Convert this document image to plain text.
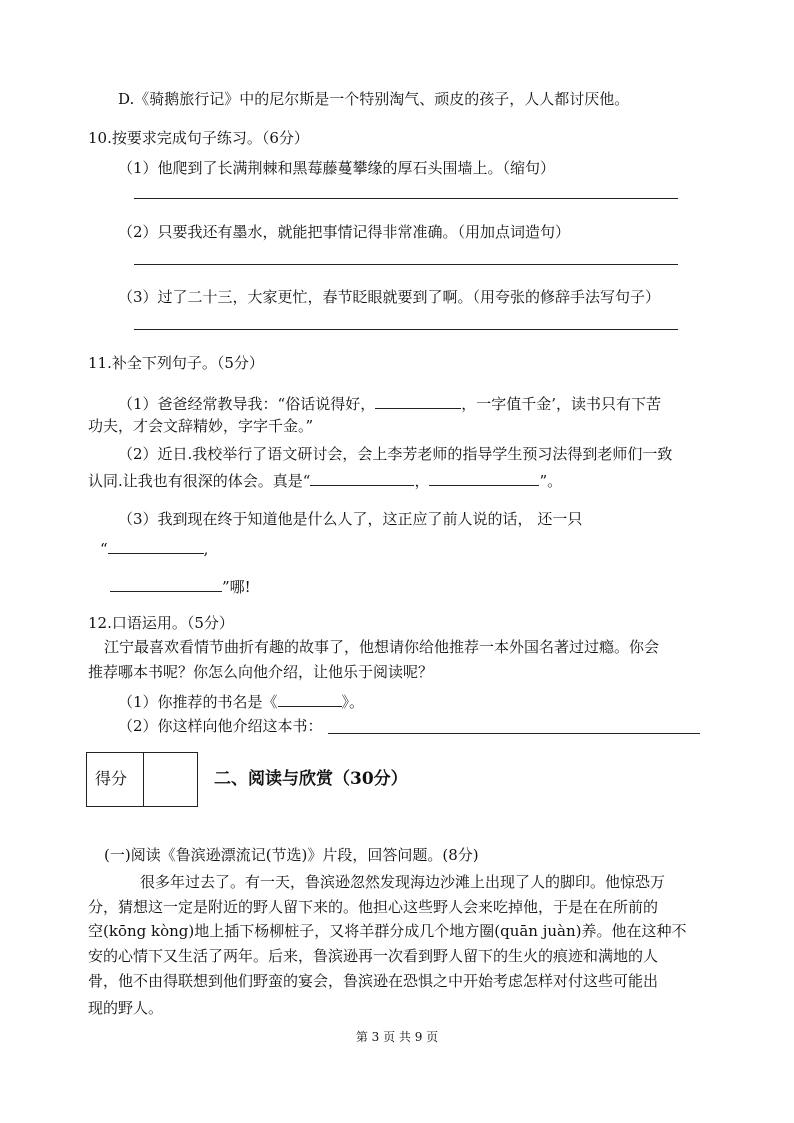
D.《骑鹅旅行记》中的尼尔斯是一个特别淘气、顽皮的孩子，人人都讨厌他。
10.按要求完成句子练习。（6分）
（1）他爬到了长满荆棘和黑莓藤蔓攀缘的厚石头围墙上。（缩句）
（2）只要我还有墨水，就能把事情记得非常准确。（用加点词造句）
（3）过了二十三，大家更忙，春节眨眼就要到了啊。（用夸张的修辞手法写句子）
11.补全下列句子。（5分）
（1）爸爸经常教导我：“俗话说得好，	，一字值千金’，读书只有下苦
功夫，才会文辞精妙，字字千金。”
（2）近日.我校举行了语文研讨会，会上李芳老师的指导学生预习法得到老师们一致
认同.让我也有很深的体会。真是“	，	”。
（3）我到现在终于知道他是什么人了，这正应了前人说的话， 还一只
“	,
”哪!
12.口语运用。（5分）
江宁最喜欢看情节曲折有趣的故事了，他想请你给他推荐一本外国名著过过瘾。你会
推荐哪本书呢？你怎么向他介绍，让他乐于阅读呢？
（1）你推荐的书名是《	》。
（2）你这样向他介绍这本书：
得分	二、阅读与欣赏（30分）
(一)阅读《鲁滨逊漂流记(节选)》片段，回答问题。(8分)
很多年过去了。有一天，鲁滨逊忽然发现海边沙滩上出现了人的脚印。他惊恐万
分，猜想这一定是附近的野人留下来的。他担心这些野人会来吃掉他，于是在在所前的
空(kōng kòng)地上插下杨柳桩子，又将羊群分成几个地方圈(quān juàn)养。他在这种不
安的心情下又生活了两年。后来，鲁滨逊再一次看到野人留下的生火的痕迹和满地的人
骨，他不由得联想到他们野蛮的宴会，鲁滨逊在恐惧之中开始考虑怎样对付这些可能出
现的野人。
第 3 页 共 9 页
